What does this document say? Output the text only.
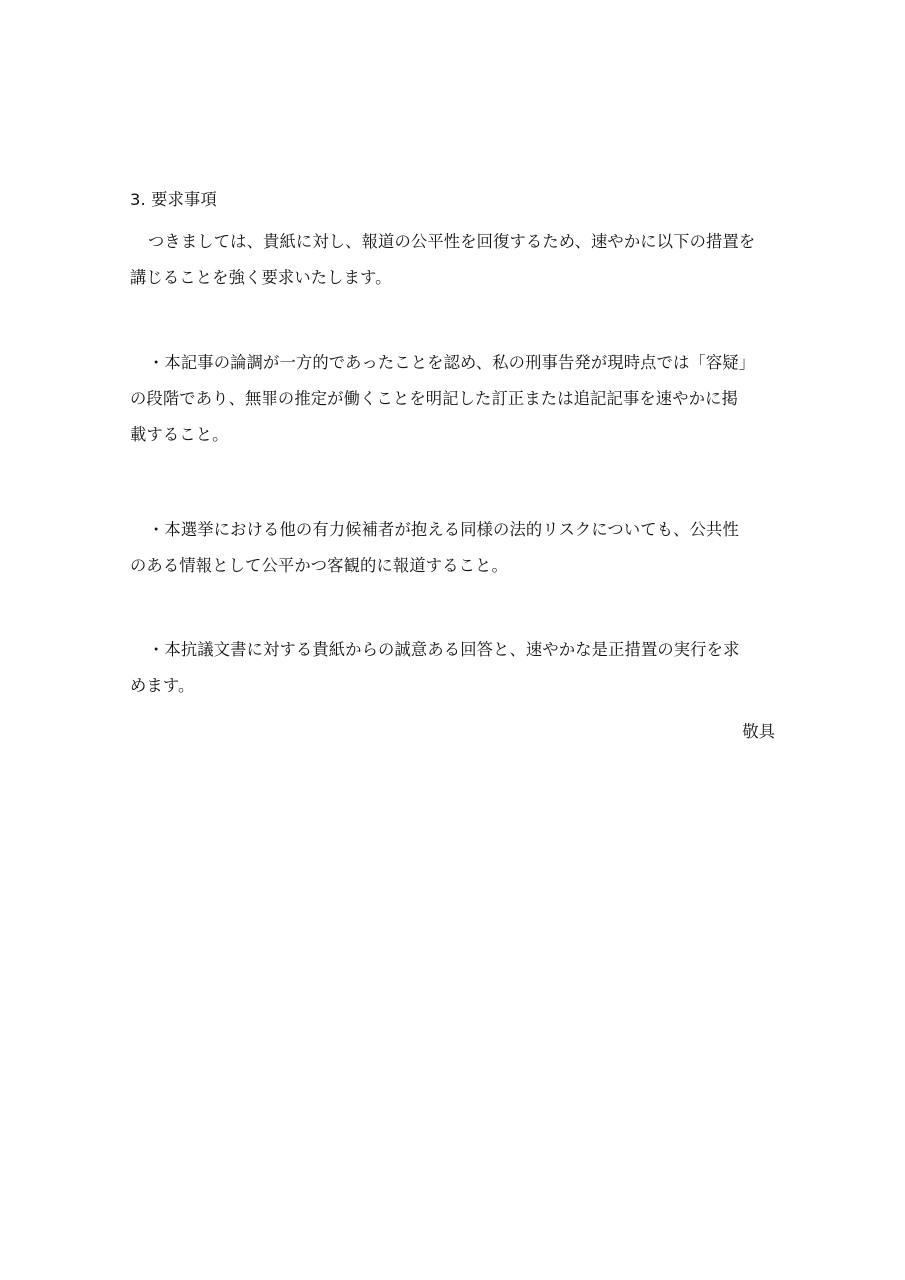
3. 要求事項
つきましては、貴紙に対し、報道の公平性を回復するため、速やかに以下の措置を
講じることを強く要求いたします。
・本記事の論調が一方的であったことを認め、私の刑事告発が現時点では「容疑」
の段階であり、無罪の推定が働くことを明記した訂正または追記記事を速やかに掲
載すること。
・本選挙における他の有力候補者が抱える同様の法的リスクについても、公共性
のある情報として公平かつ客観的に報道すること。
・本抗議文書に対する貴紙からの誠意ある回答と、速やかな是正措置の実行を求
めます。
敬具
